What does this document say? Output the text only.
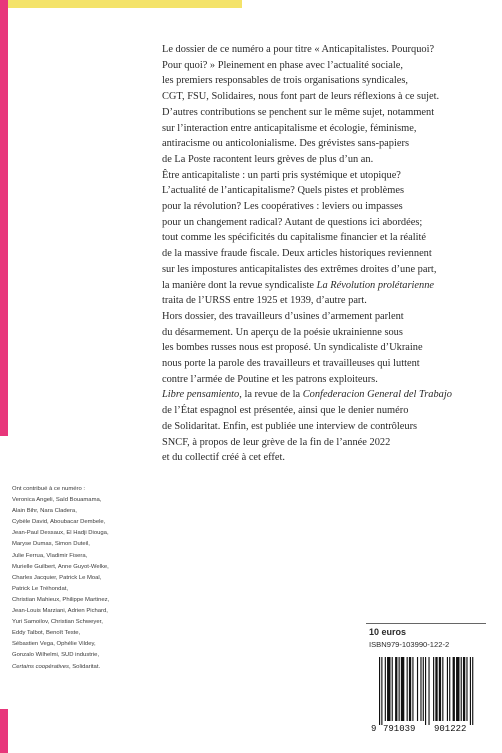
Le dossier de ce numéro a pour titre « Anticapitalistes. Pourquoi?

Pour quoi? » Pleinement en phase avec l’actualité sociale,

les premiers responsables de trois organisations syndicales,

CGT, FSU, Solidaires, nous font part de leurs réflexions à ce sujet.

D’autres contributions se penchent sur le même sujet, notamment

sur l’interaction entre anticapitalisme et écologie, féminisme,

antiracisme ou anticolonialisme. Des grévistes sans-papiers

de La Poste racontent leurs grèves de plus d’un an.

Être anticapitaliste : un parti pris systémique et utopique?

L’actualité de l’anticapitalisme? Quels pistes et problèmes

pour la révolution? Les coopératives : leviers ou impasses

pour un changement radical? Autant de questions ici abordées;

tout comme les spécificités du capitalisme financier et la réalité

de la massive fraude fiscale. Deux articles historiques reviennent

sur les impostures anticapitalistes des extrêmes droites d’une part,

la manière dont la revue syndicaliste La Révolution prolétarienne

traita de l’URSS entre 1925 et 1939, d’autre part.

Hors dossier, des travailleurs d’usines d’armement parlent

du désarmement. Un aperçu de la poésie ukrainienne sous

les bombes russes nous est proposé. Un syndicaliste d’Ukraine

nous porte la parole des travailleurs et travailleuses qui luttent

contre l’armée de Poutine et les patrons exploiteurs.

Libre pensamiento, la revue de la Confederacion General del Trabajo

de l’État espagnol est présentée, ainsi que le denier numéro

de Solidaritat. Enfin, est publiée une interview de contrôleurs

SNCF, à propos de leur grève de la fin de l’année 2022

et du collectif créé à cet effet.

Ont contribué à ce numéro :
Veronica Angeli, Saïd Bouamama,
Alain Bihr, Nara Cladera,
Cybèle David, Aboubacar Dembele,
Jean-Paul Dessaux, El Hadji Diouga,
Maryse Dumas, Simon Duteil,
Julie Ferrua, Vladimir Fisera,
Murielle Guilbert, Anne Guyot-Welke,
Charles Jacquier, Patrick Le Moal,
Patrick Le Tréhondat,
Christian Mahieux, Philippe Martinez,
Jean-Louis Marziani, Adrien Pichard,
Yuri Samoilov, Christian Schweyer,
Eddy Talbot, Benoît Teste,
Sébastien Vega, Ophélie Vildey,
Gonzalo Wilhelmi, SUD industrie,
Certains coopératives, Solidaritat.
10 euros
ISBN979-103990-122-2
9 791039 901222
